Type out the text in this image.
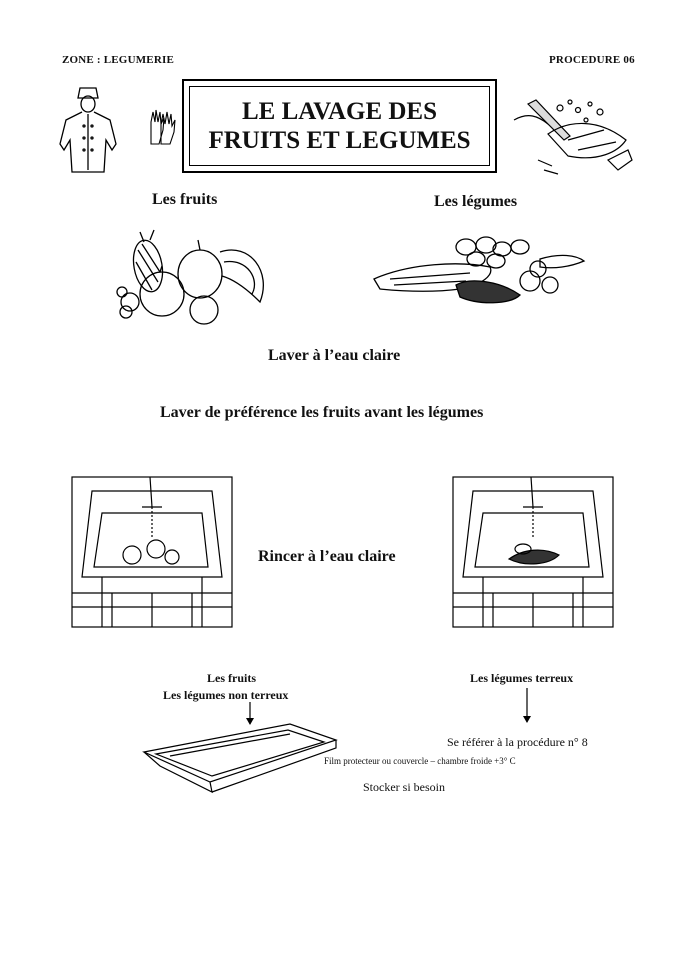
ZONE : LEGUMERIE	PROCEDURE 06
LE LAVAGE DES
FRUITS ET LEGUMES
Les fruits	Les légumes
Laver à l’eau claire
Laver de préférence les fruits avant les légumes
Rincer à l’eau claire
Les fruits
Les légumes non terreux
Les légumes terreux
Se référer à la procédure n° 8
Film protecteur ou couvercle – chambre froide +3° C
Stocker si besoin
